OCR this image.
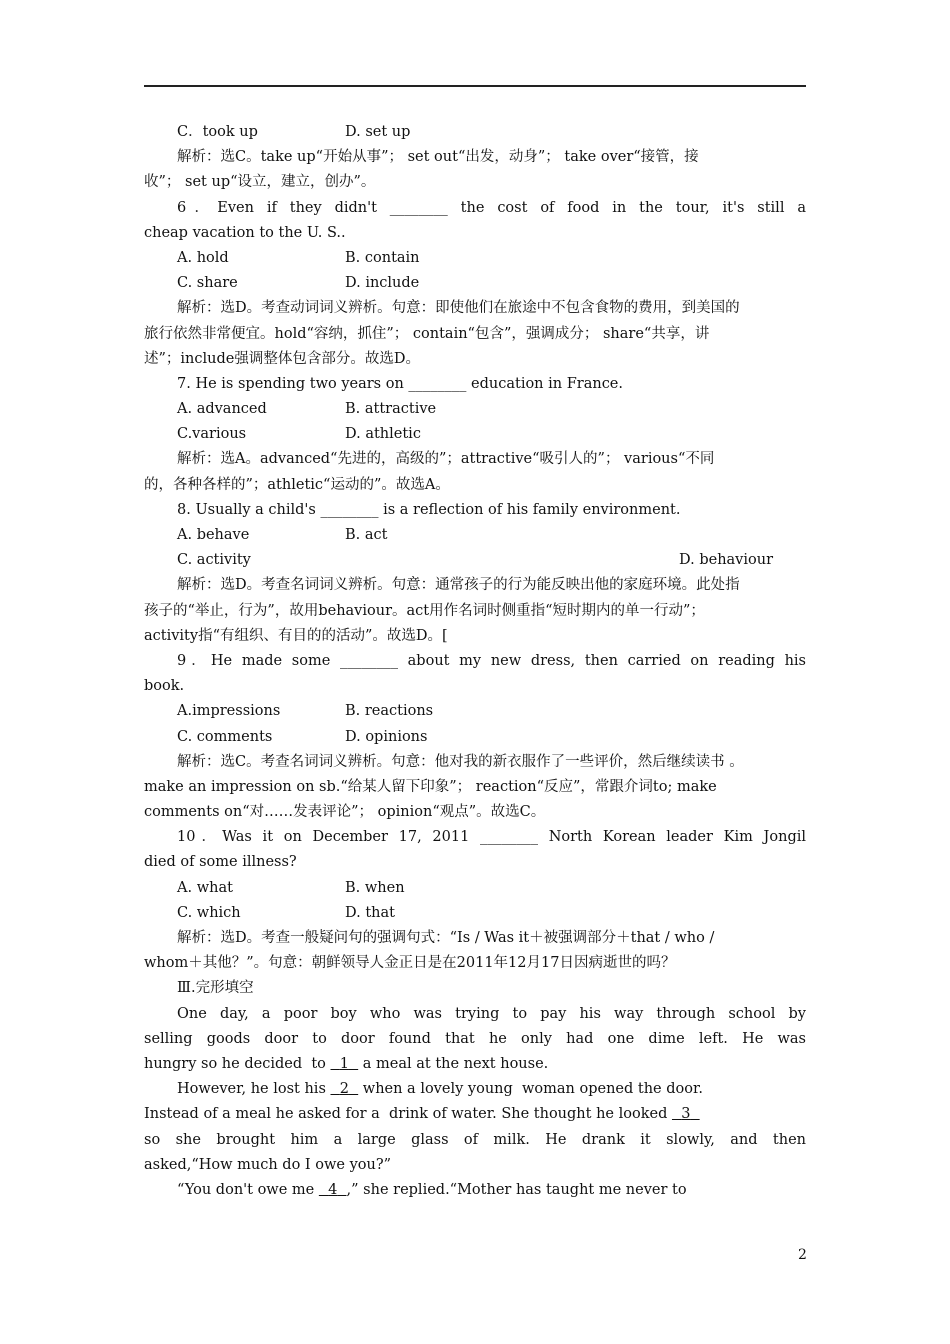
C．took up	D. set up
解析：选C。take up“开始从事”； set out“出发，动身”； take over“接管，接
收”； set up“设立，建立，创办”。
6．Even if they didn't ________ the cost of food in the tour, it's still a
cheap vacation to the U. S..
A. hold	B. contain
C. share	D. include
解析：选D。考查动词词义辨析。句意：即使他们在旅途中不包含食物的费用，到美国的
旅行依然非常便宜。hold“容纳，抓住”； contain“包含”，强调成分； share“共享，讲
述”；include强调整体包含部分。故选D。
7. He is spending two years on ________ education in France.
A. advanced	B. attractive
C.various	D. athletic
解析：选A。advanced“先进的，高级的”；attractive“吸引人的”； various“不同
的，各种各样的”；athletic“运动的”。故选A。
8. Usually a child's ________ is a reflection of his family environment.
A. behave	B. act
C. activity	D. behaviour
解析：选D。考查名词词义辨析。句意：通常孩子的行为能反映出他的家庭环境。此处指
孩子的“举止，行为”，故用behaviour。act用作名词时侧重指“短时期内的单一行动”；
activity指“有组织、有目的的活动”。故选D。[
9．He made some ________ about my new dress, then carried on reading his
book.
A.impressions	B. reactions
C. comments	D. opinions
解析：选C。考查名词词义辨析。句意：他对我的新衣服作了一些评价，然后继续读书 。
make an impression on sb.“给某人留下印象”； reaction“反应”，常跟介词to; make
comments on“对……发表评论”； opinion“观点”。故选C。
10．Was it on December 17, 2011 ________ North Korean leader Kim Jongil
died of some illness?
A. what	B. when
C. which	D. that
解析：选D。考查一般疑问句的强调句式：“Is / Was it＋被强调部分＋that / who /
whom＋其他？”。句意：朝鲜领导人金正日是在2011年12月17日因病逝世的吗？
Ⅲ.完形填空
One day, a poor boy who was trying to pay his way through school by
selling goods door to door found that he only had one dime left. He was
hungry so he decided  to 1 a meal at the next house.
However, he lost his 2 when a lovely young  woman opened the door.
Instead of a meal he asked for a  drink of water. She thought he looked 3
so she brought him a large glass of milk. He drank it slowly, and then
asked,“How much do I owe you?”
“You don't owe me 4 ,” she replied.“Mother has taught me never to
2
